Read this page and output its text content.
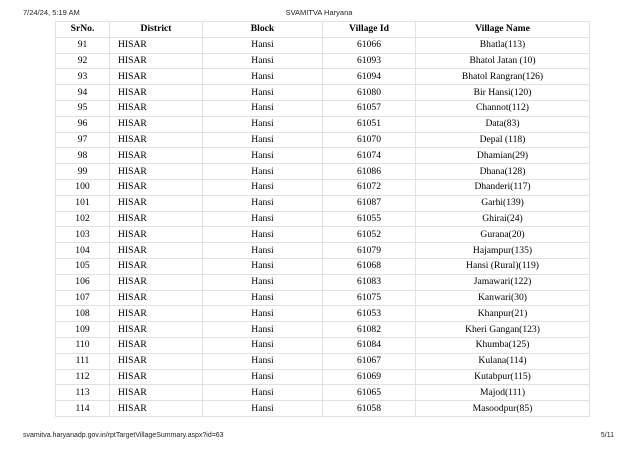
7/24/24, 5:19 AM	SVAMITVA Haryana
SrNo.	District	Block	Village Id	Village Name
91	HISAR	Hansi	61066	Bhatla(113)
92	HISAR	Hansi	61093	Bhatol Jatan (10)
93	HISAR	Hansi	61094	Bhatol Rangran(126)
94	HISAR	Hansi	61080	Bir Hansi(120)
95	HISAR	Hansi	61057	Channot(112)
96	HISAR	Hansi	61051	Data(83)
97	HISAR	Hansi	61070	Depal (118)
98	HISAR	Hansi	61074	Dhamian(29)
99	HISAR	Hansi	61086	Dhana(128)
100	HISAR	Hansi	61072	Dhanderi(117)
101	HISAR	Hansi	61087	Garhi(139)
102	HISAR	Hansi	61055	Ghirai(24)
103	HISAR	Hansi	61052	Gurana(20)
104	HISAR	Hansi	61079	Hajampur(135)
105	HISAR	Hansi	61068	Hansi (Rural)(119)
106	HISAR	Hansi	61083	Jamawari(122)
107	HISAR	Hansi	61075	Kanwari(30)
108	HISAR	Hansi	61053	Khanpur(21)
109	HISAR	Hansi	61082	Kheri Gangan(123)
110	HISAR	Hansi	61084	Khumba(125)
111	HISAR	Hansi	61067	Kulana(114)
112	HISAR	Hansi	61069	Kutabpur(115)
113	HISAR	Hansi	61065	Majod(111)
114	HISAR	Hansi	61058	Masoodpur(85)
svamitva.haryanadp.gov.in/rptTargetVillageSummary.aspx?id=63	5/11
